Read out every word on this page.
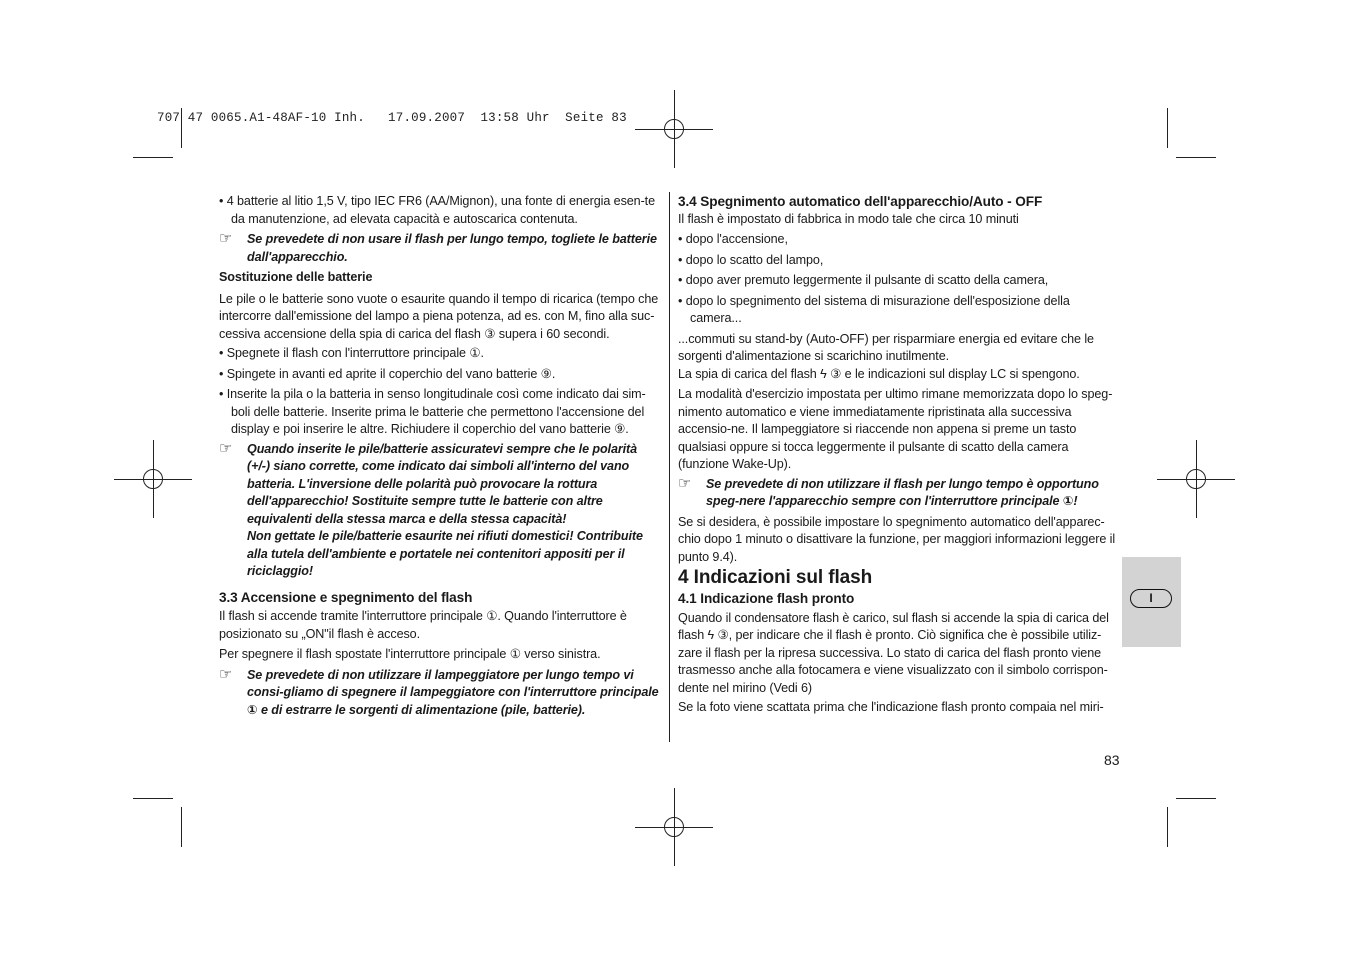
707 47 0065.A1-48AF-10 Inh.   17.09.2007  13:58 Uhr  Seite 83

• 4 batterie al litio 1,5 V, tipo IEC FR6 (AA/Mignon), una fonte di energia esen-te da manutenzione, ad elevata capacità e autoscarica contenuta.

☞ Se prevedete di non usare il flash per lungo tempo, togliete le batterie dall'apparecchio.

Sostituzione delle batterie

Le pile o le batterie sono vuote o esaurite quando il tempo di ricarica (tempo che intercorre dall'emissione del lampo a piena potenza, ad es. con M, fino alla suc-cessiva accensione della spia di carica del flash ③ supera i 60 secondi.

• Spegnete il flash con l'interruttore principale ①.

• Spingete in avanti ed aprite il coperchio del vano batterie ⑨.

• Inserite la pila o la batteria in senso longitudinale così come indicato dai sim-boli delle batterie. Inserite prima le batterie che permettono l'accensione del display e poi inserire le altre. Richiudere il coperchio del vano batterie ⑨.

☞ Quando inserite le pile/batterie assicuratevi sempre che le polarità (+/-) siano corrette, come indicato dai simboli all'interno del vano batteria. L'inversione delle polarità può provocare la rottura dell'apparecchio! Sostituite sempre tutte le batterie con altre equivalenti della stessa marca e della stessa capacità!
Non gettate le pile/batterie esaurite nei rifiuti domestici! Contribuite alla tutela dell'ambiente e portatele nei contenitori appositi per il riciclaggio!

3.3 Accensione e spegnimento del flash

Il flash si accende tramite l'interruttore principale ①. Quando l'interruttore è posizionato su „ON"il flash è acceso.

Per spegnere il flash spostate l'interruttore principale ① verso sinistra.

☞ Se prevedete di non utilizzare il lampeggiatore per lungo tempo vi consi-gliamo di spegnere il lampeggiatore con l'interruttore principale ① e di estrarre le sorgenti di alimentazione (pile, batterie).

3.4 Spegnimento automatico dell'apparecchio/Auto - OFF

Il flash è impostato di fabbrica in modo tale che circa 10 minuti

• dopo l'accensione,

• dopo lo scatto del lampo,

• dopo aver premuto leggermente il pulsante di scatto della camera,

• dopo lo spegnimento del sistema di misurazione dell'esposizione della camera...

...commuti su stand-by (Auto-OFF) per risparmiare energia ed evitare che le sorgenti d'alimentazione si scarichino inutilmente.

La spia di carica del flash ϟ ③ e le indicazioni sul display LC si spengono.

La modalità d'esercizio impostata per ultimo rimane memorizzata dopo lo speg-nimento automatico e viene immediatamente ripristinata alla successiva accensio-ne. Il lampeggiatore si riaccende non appena si preme un tasto qualsiasi oppure si tocca leggermente il pulsante di scatto della camera (funzione Wake-Up).

☞ Se prevedete di non utilizzare il flash per lungo tempo è opportuno speg-nere l'apparecchio sempre con l'interruttore principale ①!

Se si desidera, è possibile impostare lo spegnimento automatico dell'apparec-chio dopo 1 minuto o disattivare la funzione, per maggiori informazioni leggere il punto 9.4).

4 Indicazioni sul flash

4.1 Indicazione flash pronto

Quando il condensatore flash è carico, sul flash si accende la spia di carica del flash ϟ ③, per indicare che il flash è pronto. Ciò significa che è possibile utiliz-zare il flash per la ripresa successiva. Lo stato di carica del flash pronto viene trasmesso anche alla fotocamera e viene visualizzato con il simbolo corrispon-dente nel mirino (Vedi 6)

Se la foto viene scattata prima che l'indicazione flash pronto compaia nel miri-

I
83
